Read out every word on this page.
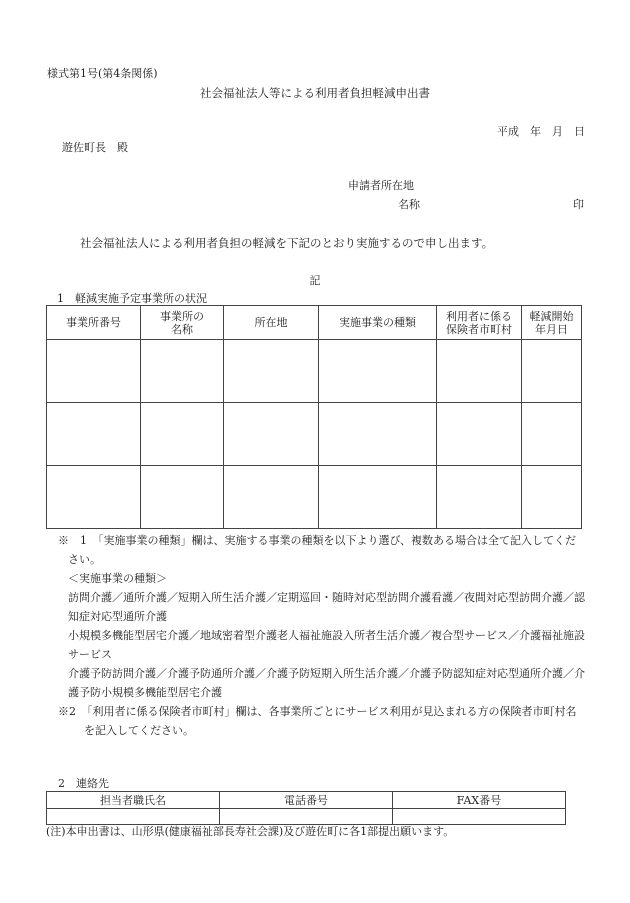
様式第1号(第4条関係)
社会福祉法人等による利用者負担軽減申出書
平成　年　月　日
遊佐町長　殿
申請者所在地
名称	印
社会福祉法人による利用者負担の軽減を下記のとおり実施するので申し出ます。
記
1　軽減実施予定事業所の状況
事業所番号	事業所の名称	所在地	実施事業の種類	利用者に係る保険者市町村	軽減開始年月日

※　1　「実施事業の種類」欄は、実施する事業の種類を以下より選び、複数ある場合は全て記入してください。

＜実施事業の種類＞

訪問介護／通所介護／短期入所生活介護／定期巡回・随時対応型訪問介護看護／夜間対応型訪問介護／認知症対応型通所介護

小規模多機能型居宅介護／地域密着型介護老人福祉施設入所者生活介護／複合型サービス／介護福祉施設サービス

介護予防訪問介護／介護予防通所介護／介護予防短期入所生活介護／介護予防認知症対応型通所介護／介護予防小規模多機能型居宅介護

※2　「利用者に係る保険者市町村」欄は、各事業所ごとにサービス利用が見込まれる方の保険者市町村名を記入してください。

2　連絡先
担当者職氏名	電話番号	FAX番号

(注)本申出書は、山形県(健康福祉部長寿社会課)及び遊佐町に各1部提出願います。
